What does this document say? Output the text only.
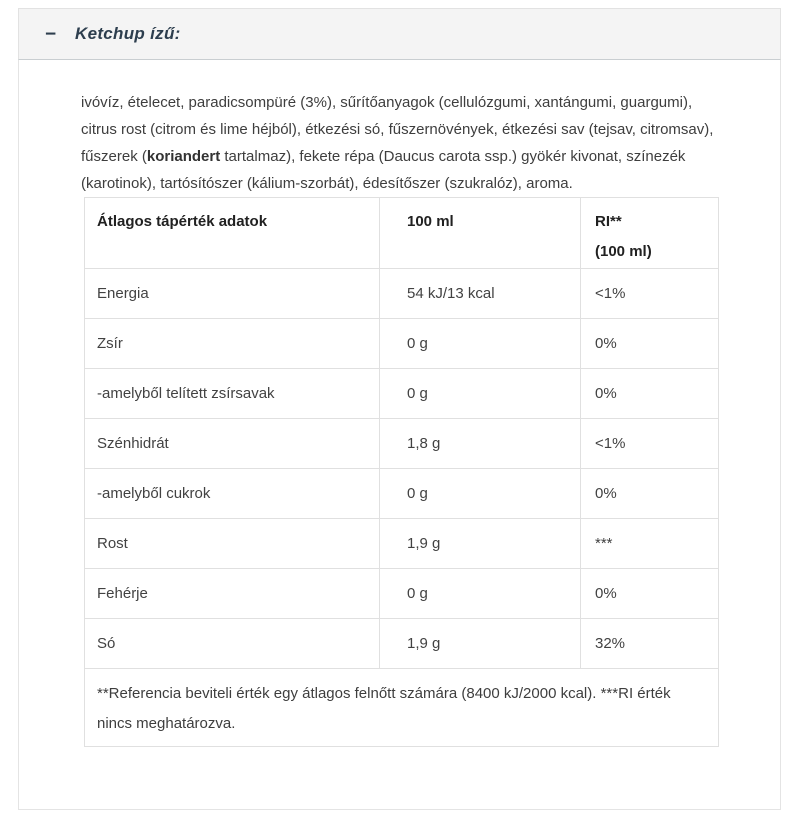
−	Ketchup ízű:

ivóvíz, ételecet, paradicsompüré (3%), sűrítőanyagok (cellulózgumi, xantángumi, guargumi), citrus rost (citrom és lime héjból), étkezési só, fűszernövények, étkezési sav (tejsav, citromsav), fűszerek (koriandert tartalmaz), fekete répa (Daucus carota ssp.) gyökér kivonat, színezék (karotinok), tartósítószer (kálium-szorbát), édesítőszer (szukralóz), aroma.

Átlagos tápérték adatok	100 ml	RI**
(100 ml)

Energia	54 kJ/13 kcal	<1%
Zsír	0 g	0%
-amelyből telített zsírsavak	0 g	0%
Szénhidrát	1,8 g	<1%
-amelyből cukrok	0 g	0%
Rost	1,9 g	***
Fehérje	0 g	0%
Só	1,9 g	32%
**Referencia beviteli érték egy átlagos felnőtt számára (8400 kJ/2000 kcal). ***RI érték nincs meghatározva.		
